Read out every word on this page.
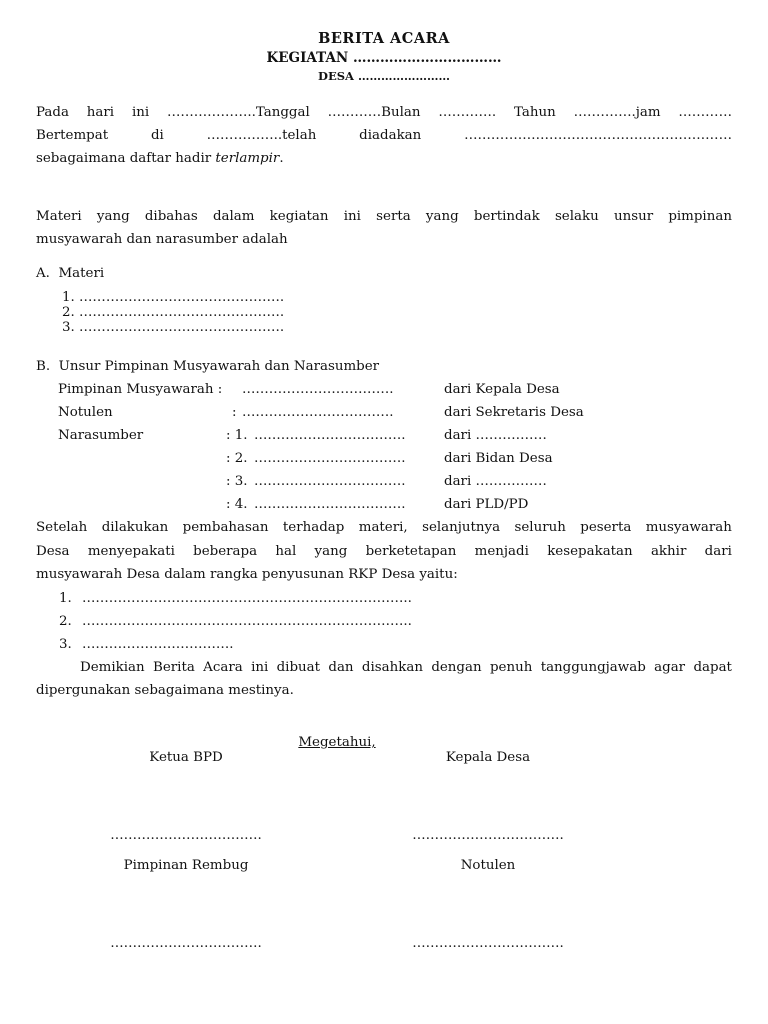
BERITA ACARA
KEGIATAN ……………………………
DESA ……………………
Pada hari ini ………………..Tanggal …………Bulan …………. Tahun …………..jam …………
Bertempat	di	……………..telah	diadakan	……………………………………………………
sebagaimana daftar hadir terlampir.
Materi yang dibahas dalam kegiatan ini serta yang bertindak selaku unsur pimpinan
musyawarah dan narasumber adalah
A.  Materi
1. ……………………………………….
2. ……………………………………….
3. ……………………………………….
B.  Unsur Pimpinan Musyawarah dan Narasumber
Pimpinan Musyawarah : …………………………….	dari Kepala Desa
Notulen	: …………………………….	dari Sekretaris Desa
Narasumber	: 1. …………………………….	dari …………….
: 2. …………………………….	dari Bidan Desa
: 3. …………………………….	dari …………….
: 4. …………………………….	dari PLD/PD
Setelah dilakukan pembahasan terhadap materi, selanjutnya seluruh peserta musyawarah
Desa menyepakati beberapa hal yang berketetapan menjadi kesepakatan akhir dari
musyawarah Desa dalam rangka penyusunan RKP Desa yaitu:
1. ………………………………………………………………..
2. ………………………………………………………………..
3. …………………………….
Demikian Berita Acara ini dibuat dan disahkan dengan penuh tanggungjawab agar dapat
dipergunakan sebagaimana mestinya.
Megetahui,
Ketua BPD	Kepala Desa
…………………………….	…………………………….
Pimpinan Rembug	Notulen
…………………………….	…………………………….
